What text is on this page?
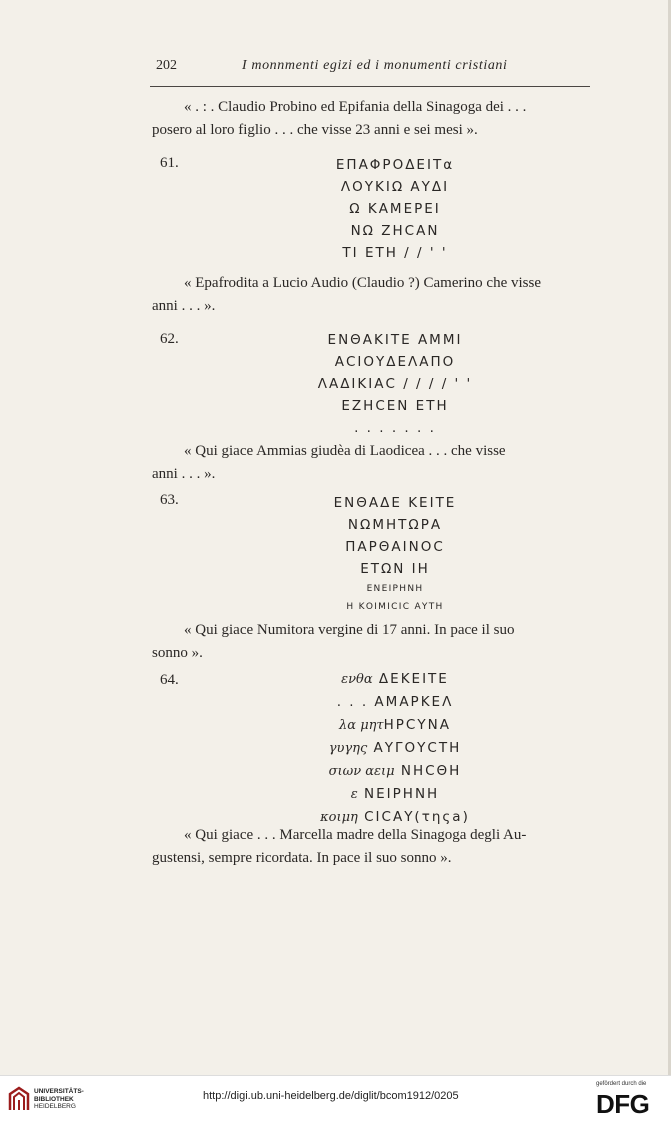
202	I monnmenti egizi ed i monumenti cristiani
« . : . Claudio Probino ed Epifania della Sinagoga dei . . .
posero al loro figlio . . . che visse 23 anni e sei mesi ».
61.	ΕΠΑΦΡΟΔΕΙΤα
ΛΟΥΚΙΩ ΑΥΔΙ
Ω ΚΑΜΕΡΕΙ
ΝΩ ΖΗCΑΝ
ΤΙ ΕΤΗ / / ' '
« Epafrodita a Lucio Audio (Claudio ?) Camerino che visse
anni . . . ».
62.	ΕΝΘΑΚΙΤΕ ΑΜΜΙ
ΑCΙΟΥΔΕΛΑΠΟ
ΛΑΔΙΚΙΑC / / / / ' '
ΕΖΗCΕΝ ΕΤΗ
. . . . . . .
« Qui giace Ammias giudèa di Laodicea . . . che visse
anni . . . ».
63.	ΕΝΘΑΔΕ ΚΕΙΤΕ
ΝΩΜΗΤΩΡΑ
ΠΑΡΘΑΙΝΟC
ΕΤΩΝ ΙΗ
ΕΝΕΙΡΗΝΗ
Η ΚΟΙΜΙCΙC ΑΥΤΗ
« Qui giace Numitora vergine di 17 anni. In pace il suo
sonno ».
64.	ενθα ΔΕΚΕΙΤΕ
. . . ΑΜΑΡΚΕΛ
λα μητΗΡCΥΝΑ
γυγης ΑΥΓΟΥCΤΗ
σιων αειμ ΝΗCΘΗ
ε ΝΕΙΡΗΝΗ
κοιμη CΙCΑΥ(τηςa)
« Qui giace . . . Marcella madre della Sinagoga degli Au-
gustensi, sempre ricordata. In pace il suo sonno ».
UNIVERSITÄTS-
BIBLIOTHEK
HEIDELBERG
http://digi.ub.uni-heidelberg.de/diglit/bcom1912/0205
gefördert durch die
DFG
